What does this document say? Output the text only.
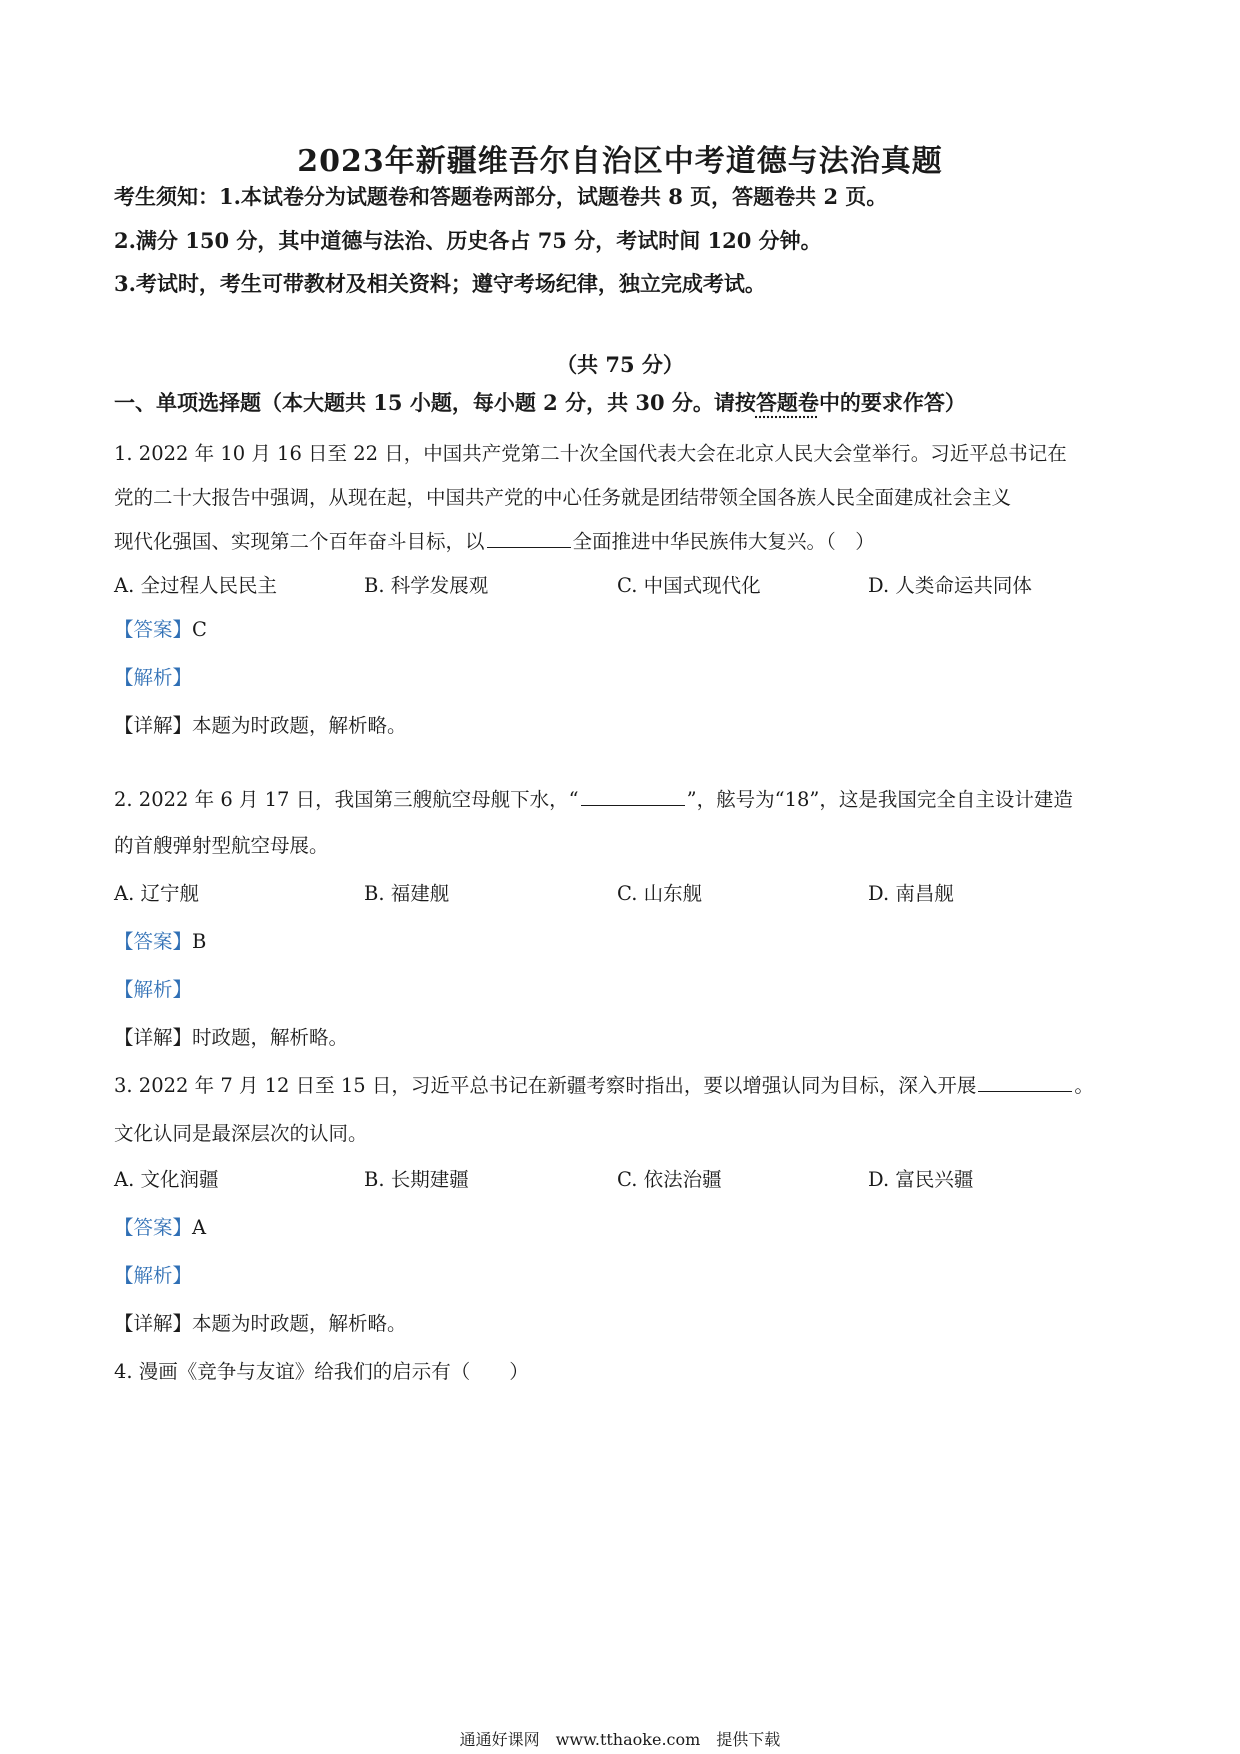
2023年新疆维吾尔自治区中考道德与法治真题
考生须知：1.本试卷分为试题卷和答题卷两部分，试题卷共 8 页，答题卷共 2 页。
2.满分 150 分，其中道德与法治、历史各占 75 分，考试时间 120 分钟。
3.考试时，考生可带教材及相关资料；遵守考场纪律，独立完成考试。
（共 75 分）
一、单项选择题（本大题共 15 小题，每小题 2 分，共 30 分。请按答题卷中的要求作答）
1. 2022 年 10 月 16 日至 22 日，中国共产党第二十次全国代表大会在北京人民大会堂举行。习近平总书记在
党的二十大报告中强调，从现在起，中国共产党的中心任务就是团结带领全国各族人民全面建成社会主义
现代化强国、实现第二个百年奋斗目标，以	全面推进中华民族伟大复兴。（　）
A. 全过程人民民主	B. 科学发展观	C. 中国式现代化	D. 人类命运共同体
【答案】C
【解析】
【详解】本题为时政题，解析略。
2. 2022 年 6 月 17 日，我国第三艘航空母舰下水，“	”，舷号为“18”，这是我国完全自主设计建造
的首艘弹射型航空母展。
A. 辽宁舰	B. 福建舰	C. 山东舰	D. 南昌舰
【答案】B
【解析】
【详解】时政题，解析略。
3. 2022 年 7 月 12 日至 15 日，习近平总书记在新疆考察时指出，要以增强认同为目标，深入开展	。
文化认同是最深层次的认同。
A. 文化润疆	B. 长期建疆	C. 依法治疆	D. 富民兴疆
【答案】A
【解析】
【详解】本题为时政题，解析略。
4. 漫画《竞争与友谊》给我们的启示有（　　）
通通好课网　www.tthaoke.com　提供下载
